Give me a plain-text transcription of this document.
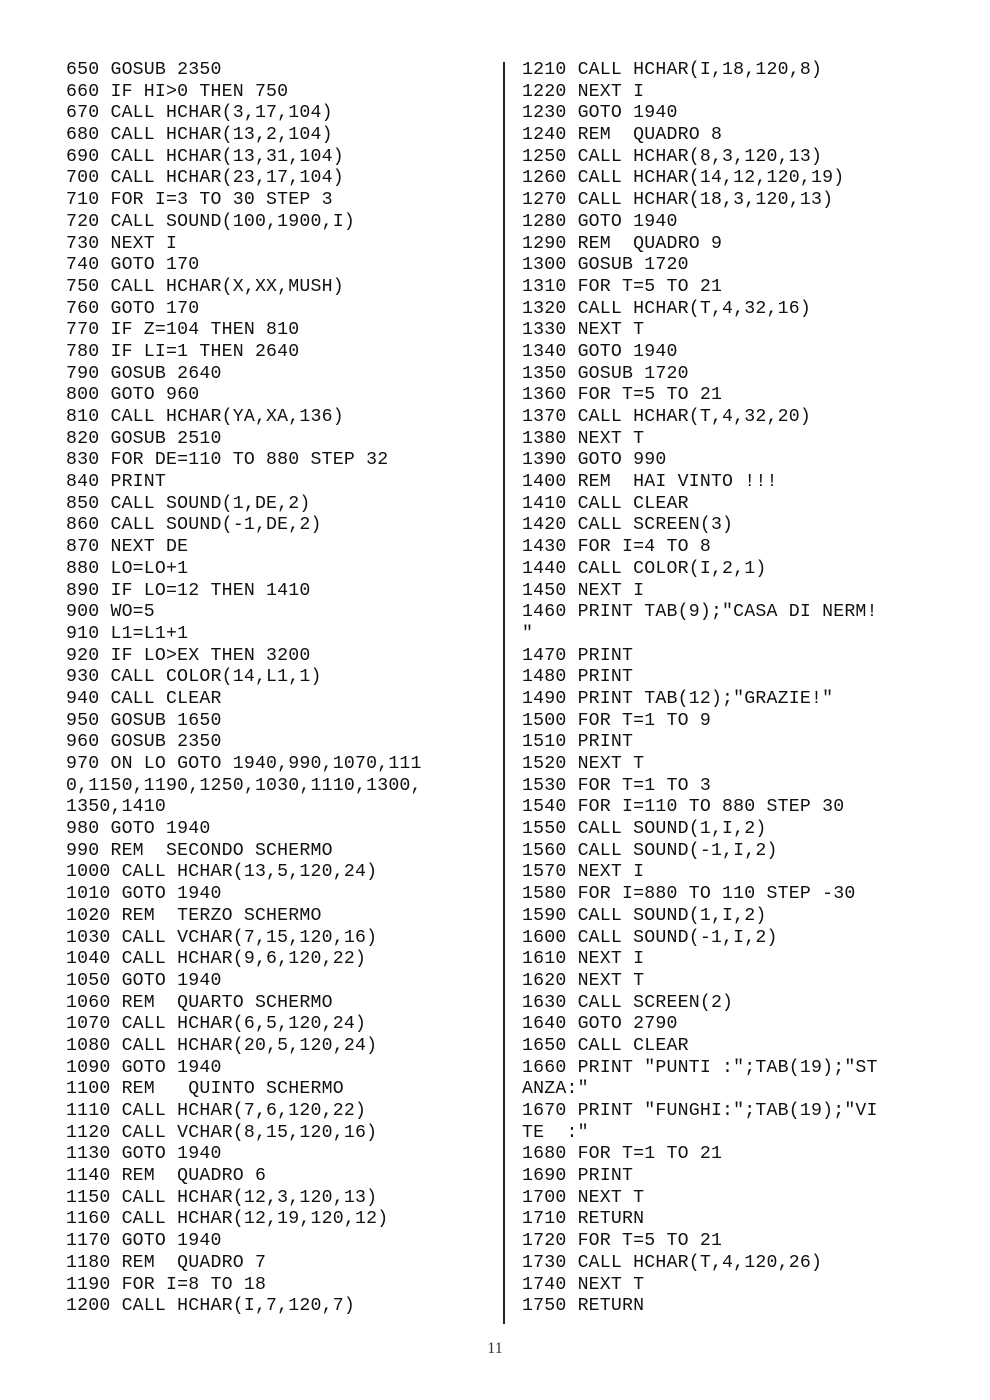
650 GOSUB 2350
660 IF HI>0 THEN 750
670 CALL HCHAR(3,17,104)
680 CALL HCHAR(13,2,104)
690 CALL HCHAR(13,31,104)
700 CALL HCHAR(23,17,104)
710 FOR I=3 TO 30 STEP 3
720 CALL SOUND(100,1900,I)
730 NEXT I
740 GOTO 170
750 CALL HCHAR(X,XX,MUSH)
760 GOTO 170
770 IF Z=104 THEN 810
780 IF LI=1 THEN 2640
790 GOSUB 2640
800 GOTO 960
810 CALL HCHAR(YA,XA,136)
820 GOSUB 2510
830 FOR DE=110 TO 880 STEP 32
840 PRINT
850 CALL SOUND(1,DE,2)
860 CALL SOUND(-1,DE,2)
870 NEXT DE
880 LO=LO+1
890 IF LO=12 THEN 1410
900 WO=5
910 L1=L1+1
920 IF LO>EX THEN 3200
930 CALL COLOR(14,L1,1)
940 CALL CLEAR
950 GOSUB 1650
960 GOSUB 2350
970 ON LO GOTO 1940,990,1070,111
0,1150,1190,1250,1030,1110,1300,
1350,1410
980 GOTO 1940
990 REM  SECONDO SCHERMO
1000 CALL HCHAR(13,5,120,24)
1010 GOTO 1940
1020 REM  TERZO SCHERMO
1030 CALL VCHAR(7,15,120,16)
1040 CALL HCHAR(9,6,120,22)
1050 GOTO 1940
1060 REM  QUARTO SCHERMO
1070 CALL HCHAR(6,5,120,24)
1080 CALL HCHAR(20,5,120,24)
1090 GOTO 1940
1100 REM   QUINTO SCHERMO
1110 CALL HCHAR(7,6,120,22)
1120 CALL VCHAR(8,15,120,16)
1130 GOTO 1940
1140 REM  QUADRO 6
1150 CALL HCHAR(12,3,120,13)
1160 CALL HCHAR(12,19,120,12)
1170 GOTO 1940
1180 REM  QUADRO 7
1190 FOR I=8 TO 18
1200 CALL HCHAR(I,7,120,7)
1210 CALL HCHAR(I,18,120,8)
1220 NEXT I
1230 GOTO 1940
1240 REM  QUADRO 8
1250 CALL HCHAR(8,3,120,13)
1260 CALL HCHAR(14,12,120,19)
1270 CALL HCHAR(18,3,120,13)
1280 GOTO 1940
1290 REM  QUADRO 9
1300 GOSUB 1720
1310 FOR T=5 TO 21
1320 CALL HCHAR(T,4,32,16)
1330 NEXT T
1340 GOTO 1940
1350 GOSUB 1720
1360 FOR T=5 TO 21
1370 CALL HCHAR(T,4,32,20)
1380 NEXT T
1390 GOTO 990
1400 REM  HAI VINTO !!!
1410 CALL CLEAR
1420 CALL SCREEN(3)
1430 FOR I=4 TO 8
1440 CALL COLOR(I,2,1)
1450 NEXT I
1460 PRINT TAB(9);"CASA DI NERM!
"
1470 PRINT
1480 PRINT
1490 PRINT TAB(12);"GRAZIE!"
1500 FOR T=1 TO 9
1510 PRINT
1520 NEXT T
1530 FOR T=1 TO 3
1540 FOR I=110 TO 880 STEP 30
1550 CALL SOUND(1,I,2)
1560 CALL SOUND(-1,I,2)
1570 NEXT I
1580 FOR I=880 TO 110 STEP -30
1590 CALL SOUND(1,I,2)
1600 CALL SOUND(-1,I,2)
1610 NEXT I
1620 NEXT T
1630 CALL SCREEN(2)
1640 GOTO 2790
1650 CALL CLEAR
1660 PRINT "PUNTI :";TAB(19);"ST
ANZA:"
1670 PRINT "FUNGHI:";TAB(19);"VI
TE  :"
1680 FOR T=1 TO 21
1690 PRINT
1700 NEXT T
1710 RETURN
1720 FOR T=5 TO 21
1730 CALL HCHAR(T,4,120,26)
1740 NEXT T
1750 RETURN
11
